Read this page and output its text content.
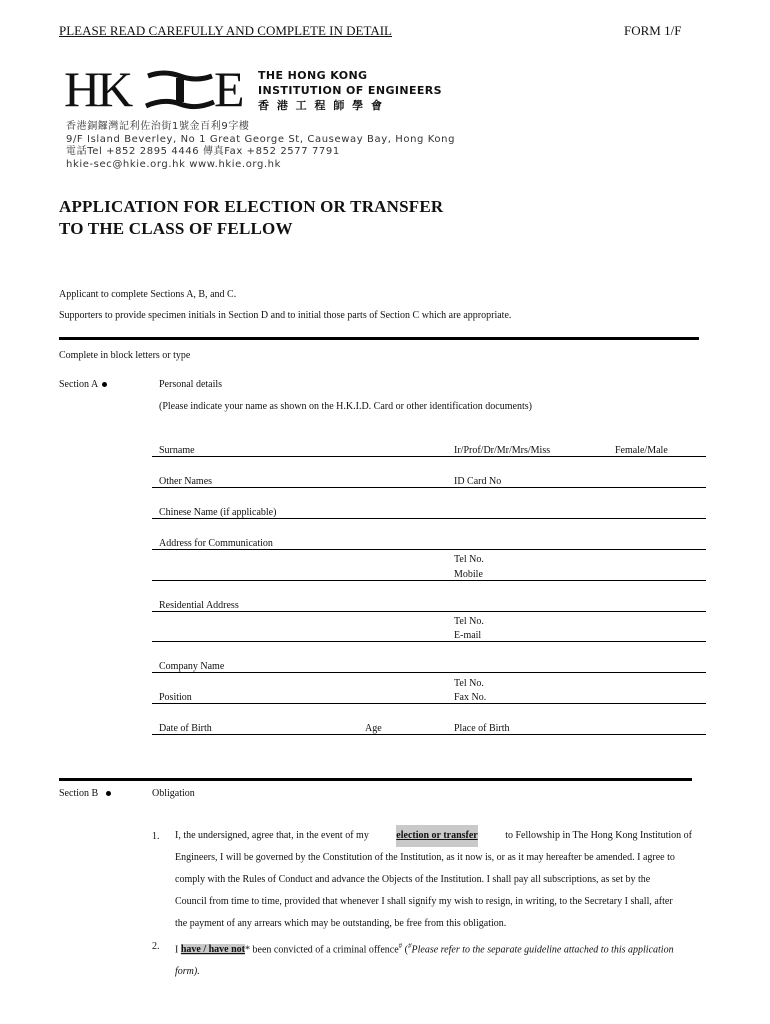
PLEASE READ CAREFULLY AND COMPLETE IN DETAIL	FORM 1/F
HK E THE HONG KONG
INSTITUTION OF ENGINEERS
香 港 工 程 師 學 會
香港銅鑼灣記利佐治街1號金百利9字樓
9/F Island Beverley, No 1 Great George St, Causeway Bay, Hong Kong
電話Tel +852 2895 4446 傳真Fax +852 2577 7791
hkie-sec@hkie.org.hk www.hkie.org.hk
APPLICATION FOR ELECTION OR TRANSFER
TO THE CLASS OF FELLOW
Applicant to complete Sections A, B, and C.
Supporters to provide specimen initials in Section D and to initial those parts of Section C which are appropriate.
Complete in block letters or type
Section A	Personal details
(Please indicate your name as shown on the H.K.I.D. Card or other identification documents)
Surname	Ir/Prof/Dr/Mr/Mrs/Miss	Female/Male
Other Names	ID Card No
Chinese Name (if applicable)
Address for Communication
Tel No.
Mobile
Residential Address
Tel No.
E-mail
Company Name
Tel No.
Position	Fax No.
Date of Birth	Age	Place of Birth
Section B	Obligation
1. I, the undersigned, agree that, in the event of my	election or transfer	to Fellowship in The Hong Kong Institution of
Engineers, I will be governed by the Constitution of the Institution, as it now is, or as it may hereafter be amended. I agree to
comply with the Rules of Conduct and advance the Objects of the Institution. I shall pay all subscriptions, as set by the
Council from time to time, provided that whenever I shall signify my wish to resign, in writing, to the Secretary I shall, after
the payment of any arrears which may be outstanding, be free from this obligation.
2. I have / have not* been convicted of a criminal offence# (#Please refer to the separate guideline attached to this application
form).
